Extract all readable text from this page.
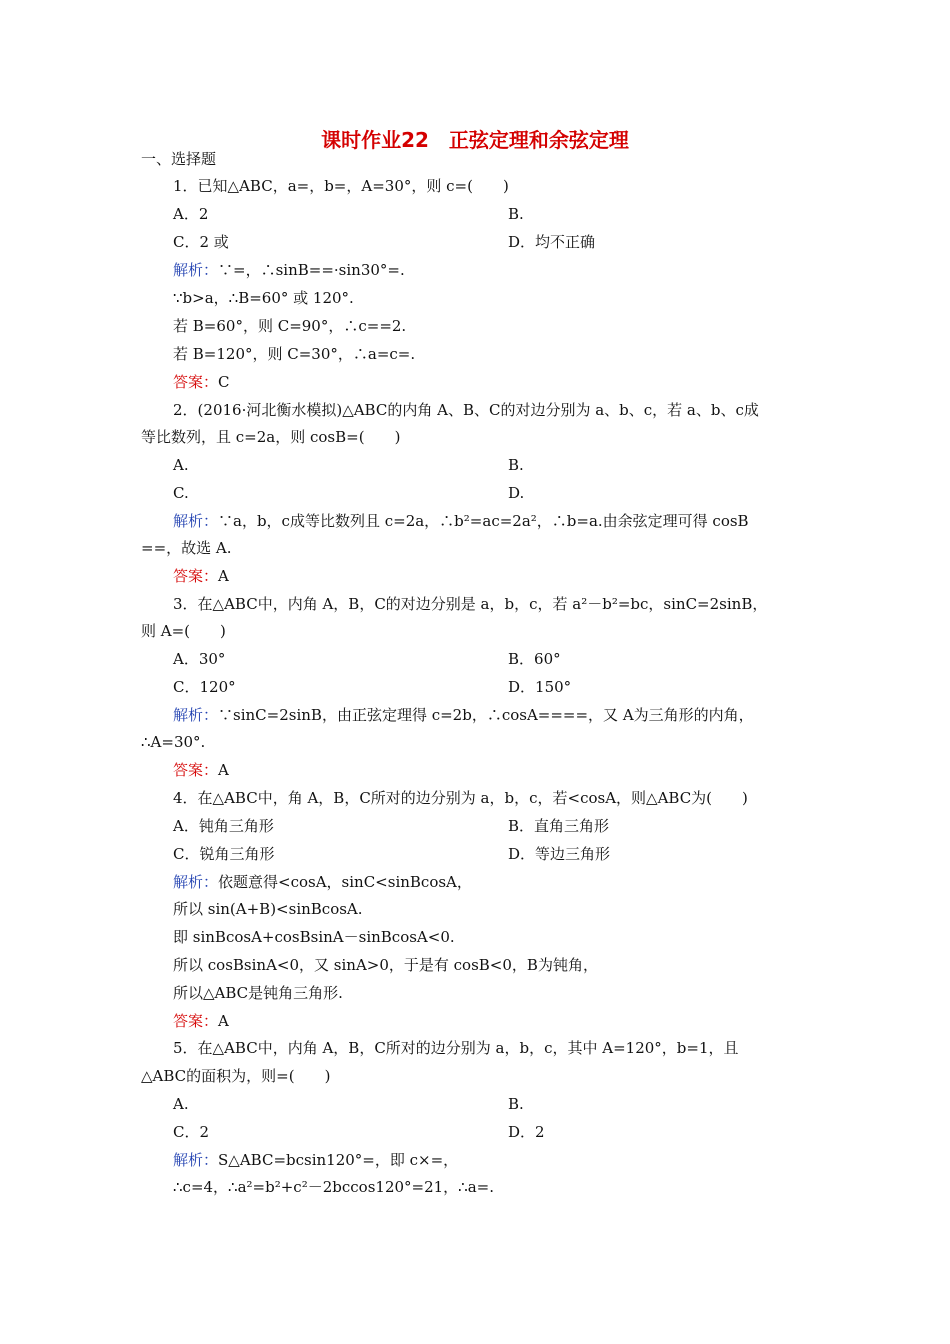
课时作业22　正弦定理和余弦定理
一、选择题
1．已知△ABC，a=，b=，A=30°，则 c=(　　)
A．2	B.
C．2 或	D．均不正确
解析：∵=，∴sinB==·sin30°=.
∵b>a，∴B=60° 或 120°.
若 B=60°，则 C=90°，∴c==2.
若 B=120°，则 C=30°，∴a=c=.
答案：C
2．(2016·河北衡水模拟)△ABC的内角 A、B、C的对边分别为 a、b、c，若 a、b、c成
等比数列，且 c=2a，则 cosB=(　　)
A.	B.
C.	D.
解析：∵a，b，c成等比数列且 c=2a，∴b²=ac=2a²，∴b=a.由余弦定理可得 cosB
==，故选 A.
答案：A
3．在△ABC中，内角 A，B，C的对边分别是 a，b，c，若 a²－b²=bc，sinC=2sinB，
则 A=(　　)
A．30°	B．60°
C．120°	D．150°
解析：∵sinC=2sinB，由正弦定理得 c=2b，∴cosA====，又 A为三角形的内角，
∴A=30°.
答案：A
4．在△ABC中，角 A，B，C所对的边分别为 a，b，c，若<cosA，则△ABC为(　　)
A．钝角三角形	B．直角三角形
C．锐角三角形	D．等边三角形
解析：依题意得<cosA，sinC<sinBcosA，
所以 sin(A+B)<sinBcosA.
即 sinBcosA+cosBsinA－sinBcosA<0.
所以 cosBsinA<0，又 sinA>0，于是有 cosB<0，B为钝角，
所以△ABC是钝角三角形.
答案：A
5．在△ABC中，内角 A，B，C所对的边分别为 a，b，c，其中 A=120°，b=1，且
△ABC的面积为，则=(　　)
A.	B.
C．2	D．2
解析：S△ABC=bcsin120°=，即 c×=，
∴c=4，∴a²=b²+c²－2bccos120°=21，∴a=.
